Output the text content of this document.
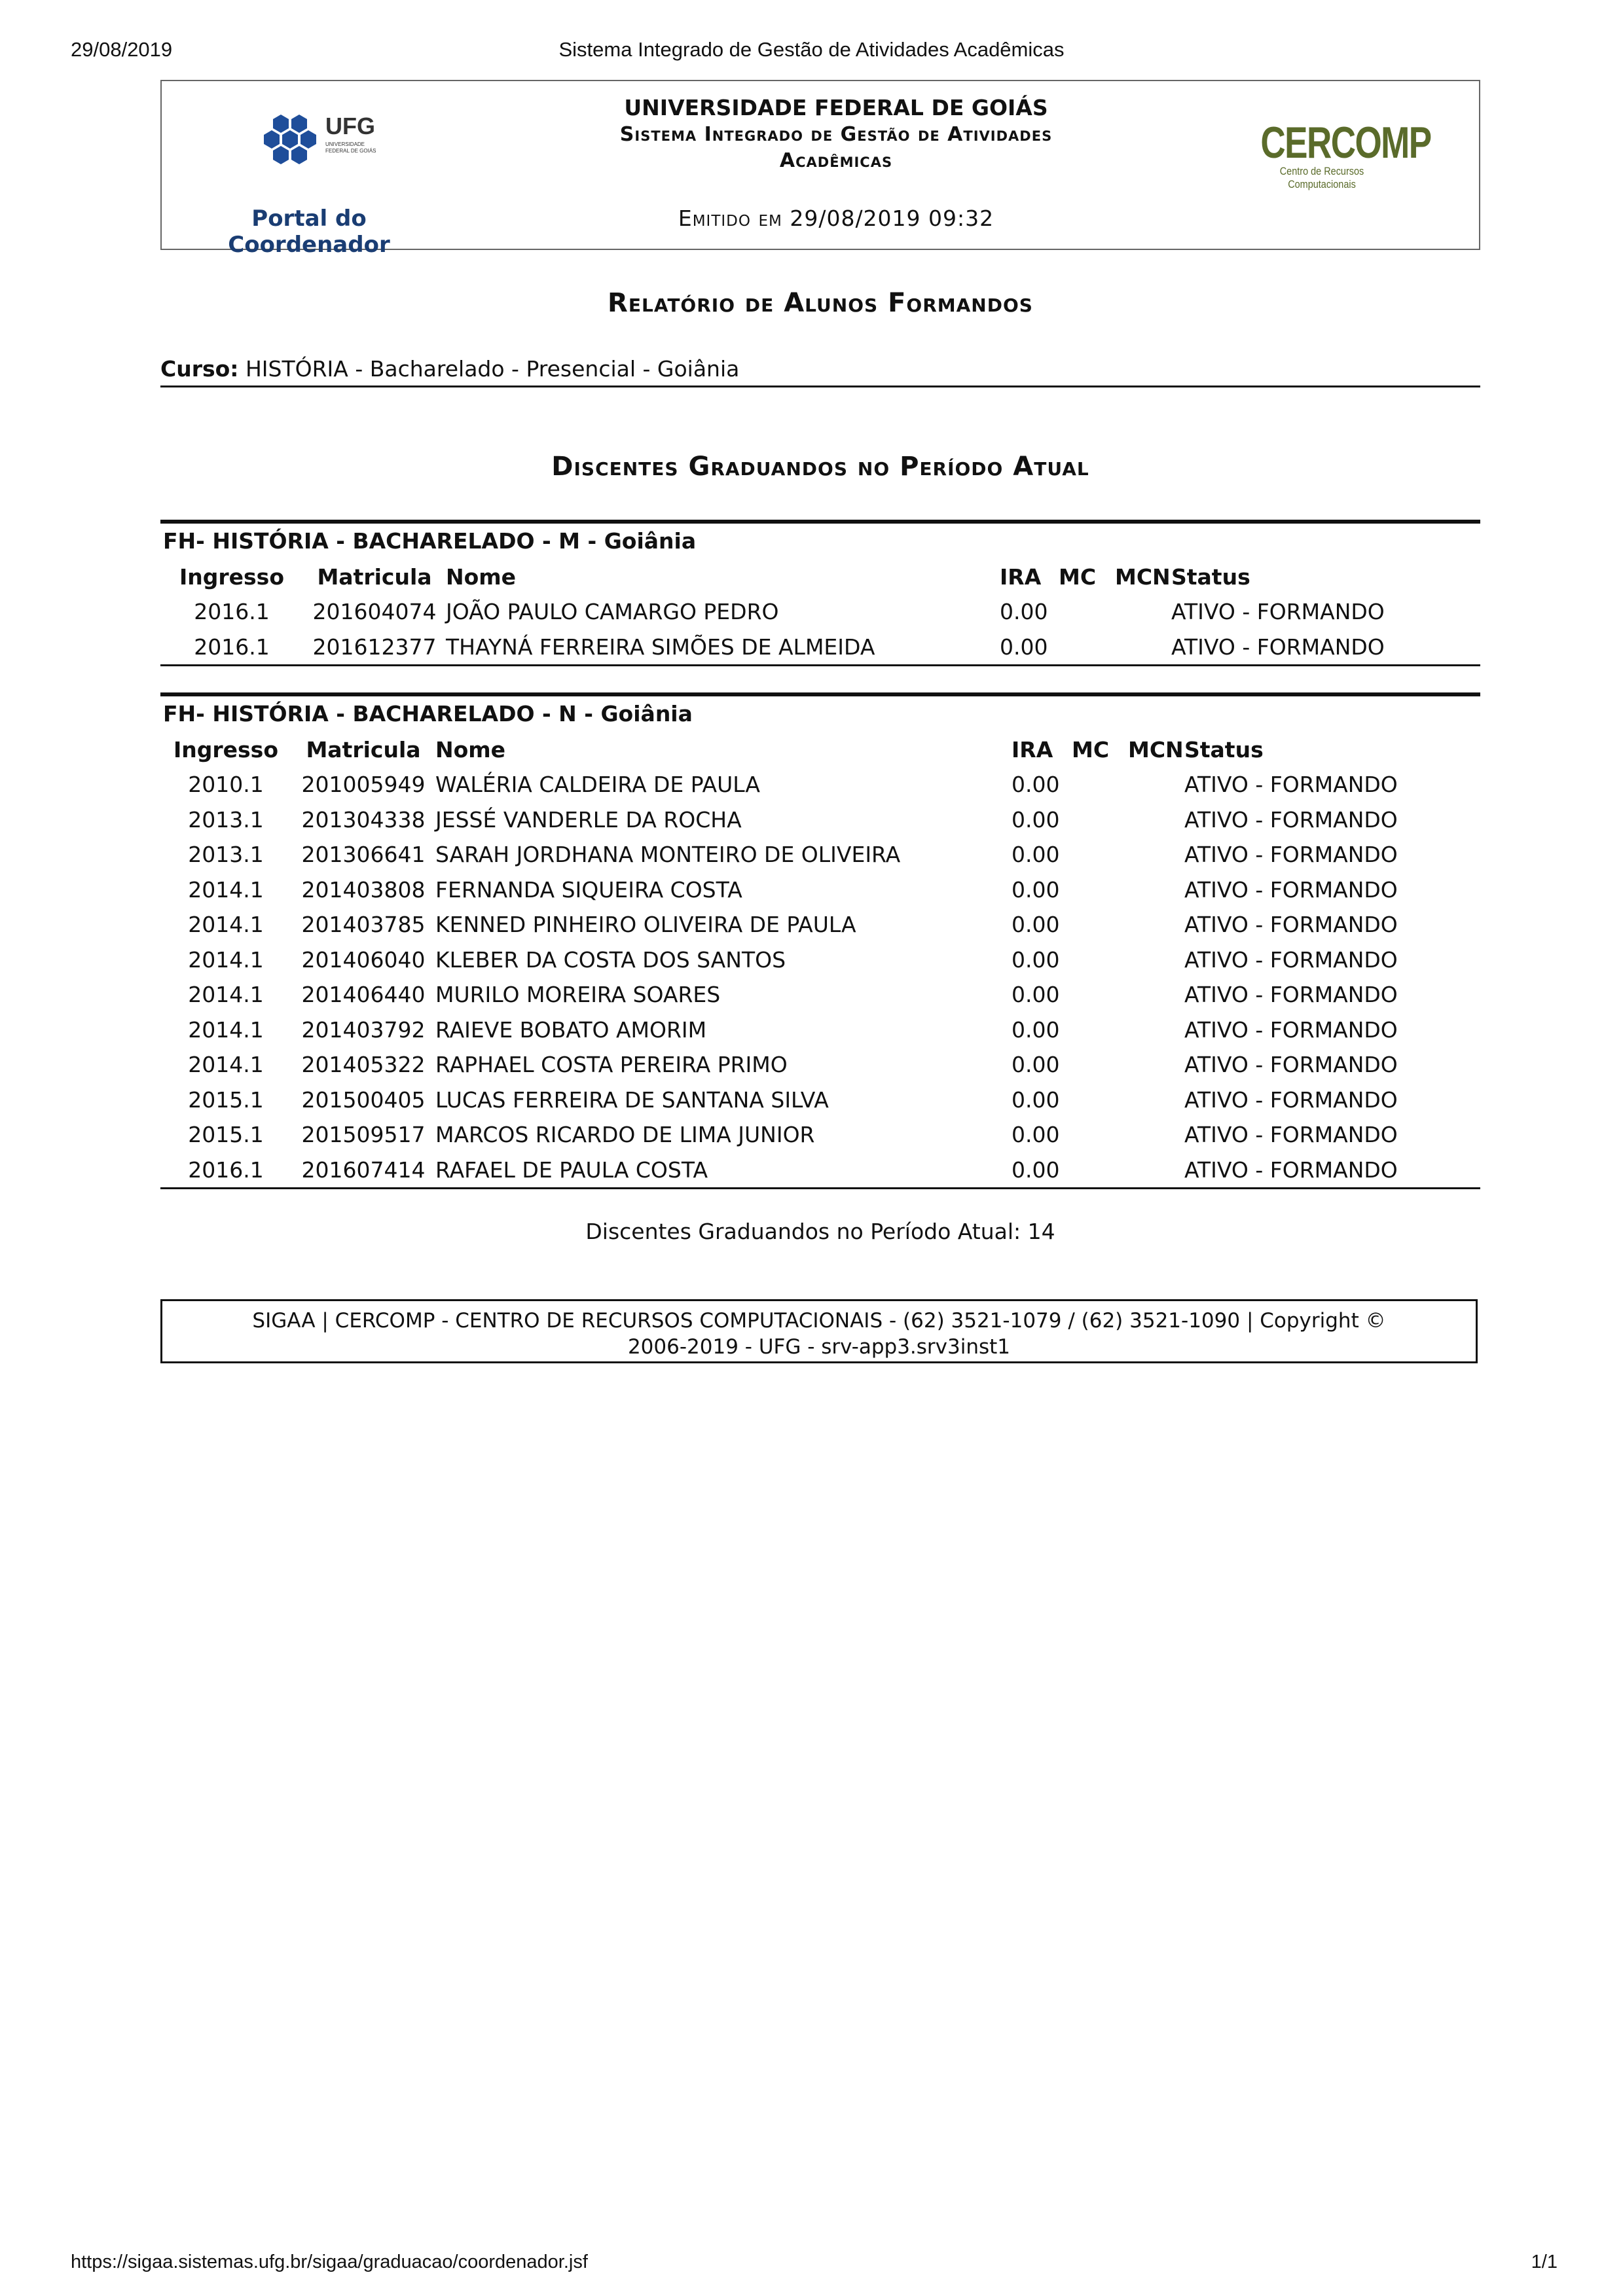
29/08/2019	Sistema Integrado de Gestão de Atividades Acadêmicas
UFG
UNIVERSIDADE FEDERAL DE GOIÁS
Portal do
Coordenador
UNIVERSIDADE FEDERAL DE GOIÁS
Sistema Integrado de Gestão de Atividades
Acadêmicas
Emitido em 29/08/2019 09:32
CERCOMP
Centro de Recursos Computacionais
Relatório de Alunos Formandos
Curso: HISTÓRIA - Bacharelado - Presencial - Goiânia
Discentes Graduandos no Período Atual
FH- HISTÓRIA - BACHARELADO - M - Goiânia
Ingresso	Matricula	Nome	IRA	MC	MCN	Status
2016.1	201604074	JOÃO PAULO CAMARGO PEDRO	0.00			ATIVO - FORMANDO
2016.1	201612377	THAYNÁ FERREIRA SIMÕES DE ALMEIDA	0.00			ATIVO - FORMANDO
FH- HISTÓRIA - BACHARELADO - N - Goiânia
Ingresso	Matricula	Nome	IRA	MC	MCN	Status
2010.1	201005949	WALÉRIA CALDEIRA DE PAULA	0.00			ATIVO - FORMANDO
2013.1	201304338	JESSÉ VANDERLE DA ROCHA	0.00			ATIVO - FORMANDO
2013.1	201306641	SARAH JORDHANA MONTEIRO DE OLIVEIRA	0.00			ATIVO - FORMANDO
2014.1	201403808	FERNANDA SIQUEIRA COSTA	0.00			ATIVO - FORMANDO
2014.1	201403785	KENNED PINHEIRO OLIVEIRA DE PAULA	0.00			ATIVO - FORMANDO
2014.1	201406040	KLEBER DA COSTA DOS SANTOS	0.00			ATIVO - FORMANDO
2014.1	201406440	MURILO MOREIRA SOARES	0.00			ATIVO - FORMANDO
2014.1	201403792	RAIEVE BOBATO AMORIM	0.00			ATIVO - FORMANDO
2014.1	201405322	RAPHAEL COSTA PEREIRA PRIMO	0.00			ATIVO - FORMANDO
2015.1	201500405	LUCAS FERREIRA DE SANTANA SILVA	0.00			ATIVO - FORMANDO
2015.1	201509517	MARCOS RICARDO DE LIMA JUNIOR	0.00			ATIVO - FORMANDO
2016.1	201607414	RAFAEL DE PAULA COSTA	0.00			ATIVO - FORMANDO
Discentes Graduandos no Período Atual: 14
SIGAA | CERCOMP - CENTRO DE RECURSOS COMPUTACIONAIS - (62) 3521-1079 / (62) 3521-1090 | Copyright ©
2006-2019 - UFG - srv-app3.srv3inst1
https://sigaa.sistemas.ufg.br/sigaa/graduacao/coordenador.jsf	1/1
